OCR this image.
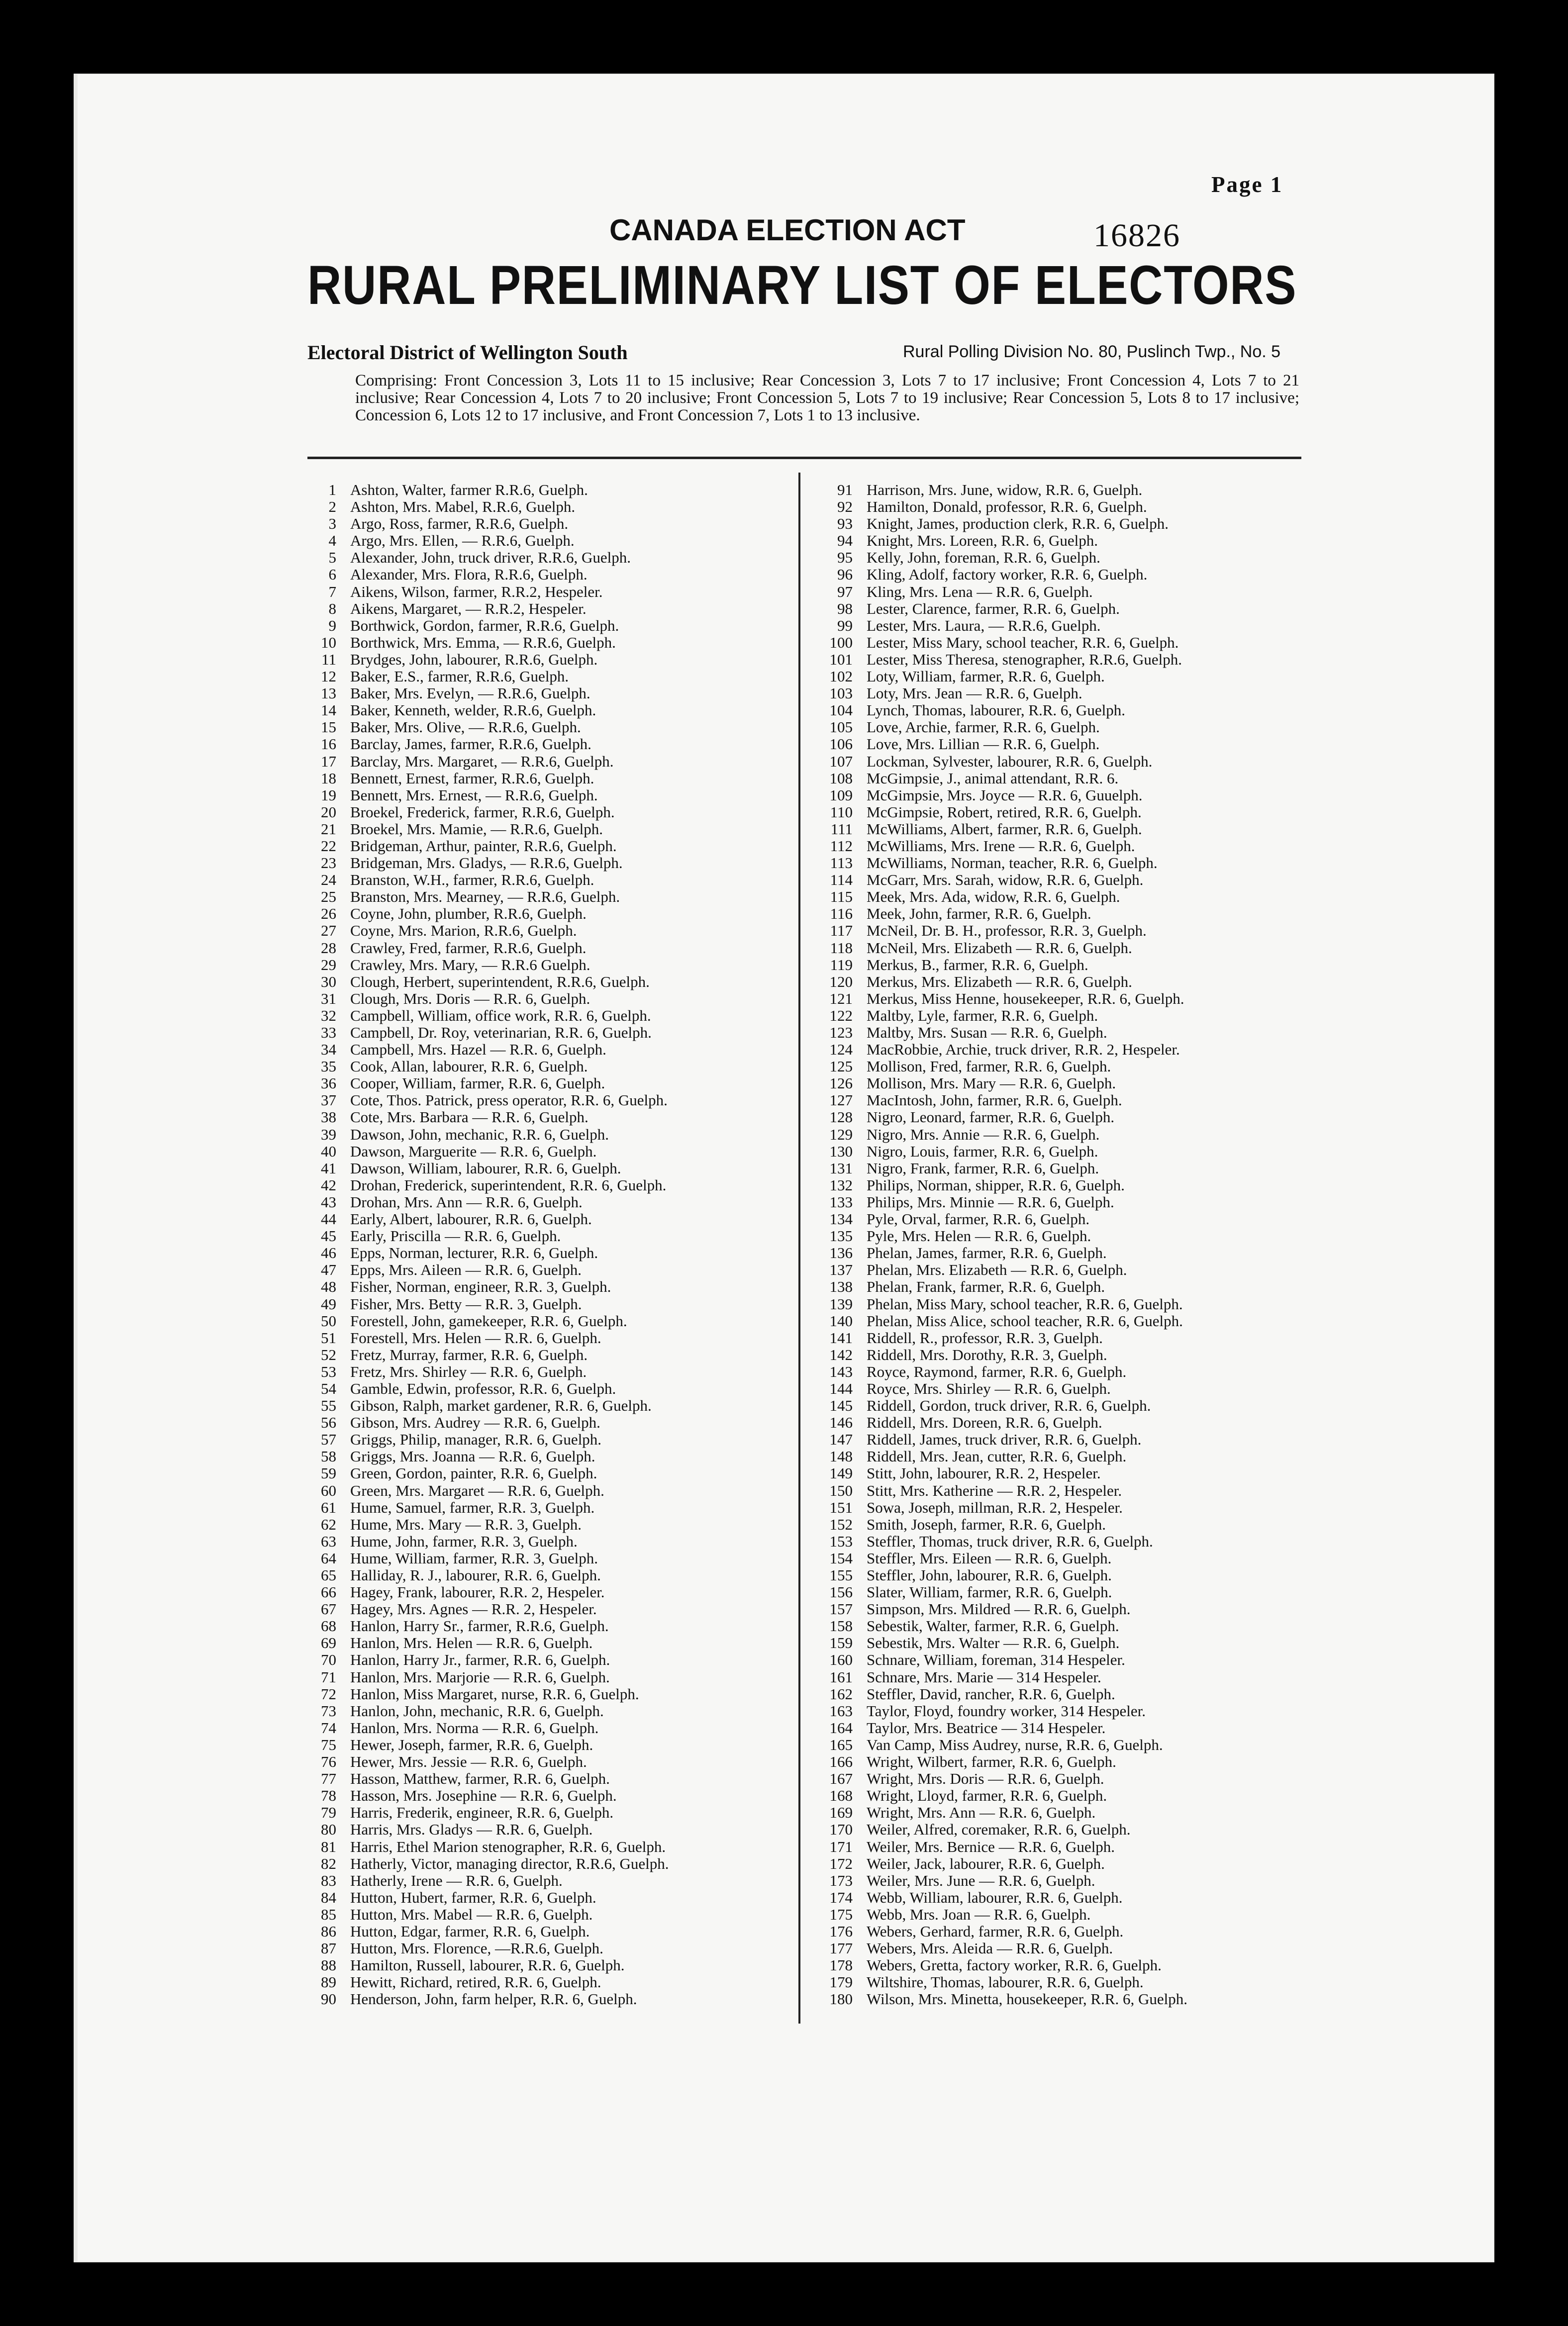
Page 1
CANADA ELECTION ACT	16826
RURAL PRELIMINARY LIST OF ELECTORS
Electoral District of Wellington South	Rural Polling Division No. 80, Puslinch Twp., No. 5
Comprising: Front Concession 3, Lots 11 to 15 inclusive; Rear Concession 3, Lots 7 to 17 inclusive; Front Concession 4, Lots 7 to 21 inclusive; Rear Concession 4, Lots 7 to 20 inclusive; Front Concession 5, Lots 7 to 19 inclusive; Rear Concession 5, Lots 8 to 17 inclusive; Concession 6, Lots 12 to 17 inclusive, and Front Concession 7, Lots 1 to 13 inclusive.
1 Ashton, Walter, farmer R.R.6, Guelph.
2 Ashton, Mrs. Mabel, R.R.6, Guelph.
3 Argo, Ross, farmer, R.R.6, Guelph.
4 Argo, Mrs. Ellen, — R.R.6, Guelph.
5 Alexander, John, truck driver, R.R.6, Guelph.
6 Alexander, Mrs. Flora, R.R.6, Guelph.
7 Aikens, Wilson, farmer, R.R.2, Hespeler.
8 Aikens, Margaret, — R.R.2, Hespeler.
9 Borthwick, Gordon, farmer, R.R.6, Guelph.
10 Borthwick, Mrs. Emma, — R.R.6, Guelph.
11 Brydges, John, labourer, R.R.6, Guelph.
12 Baker, E.S., farmer, R.R.6, Guelph.
13 Baker, Mrs. Evelyn, — R.R.6, Guelph.
14 Baker, Kenneth, welder, R.R.6, Guelph.
15 Baker, Mrs. Olive, — R.R.6, Guelph.
16 Barclay, James, farmer, R.R.6, Guelph.
17 Barclay, Mrs. Margaret, — R.R.6, Guelph.
18 Bennett, Ernest, farmer, R.R.6, Guelph.
19 Bennett, Mrs. Ernest, — R.R.6, Guelph.
20 Broekel, Frederick, farmer, R.R.6, Guelph.
21 Broekel, Mrs. Mamie, — R.R.6, Guelph.
22 Bridgeman, Arthur, painter, R.R.6, Guelph.
23 Bridgeman, Mrs. Gladys, — R.R.6, Guelph.
24 Branston, W.H., farmer, R.R.6, Guelph.
25 Branston, Mrs. Mearney, — R.R.6, Guelph.
26 Coyne, John, plumber, R.R.6, Guelph.
27 Coyne, Mrs. Marion, R.R.6, Guelph.
28 Crawley, Fred, farmer, R.R.6, Guelph.
29 Crawley, Mrs. Mary, — R.R.6 Guelph.
30 Clough, Herbert, superintendent, R.R.6, Guelph.
31 Clough, Mrs. Doris — R.R. 6, Guelph.
32 Campbell, William, office work, R.R. 6, Guelph.
33 Campbell, Dr. Roy, veterinarian, R.R. 6, Guelph.
34 Campbell, Mrs. Hazel — R.R. 6, Guelph.
35 Cook, Allan, labourer, R.R. 6, Guelph.
36 Cooper, William, farmer, R.R. 6, Guelph.
37 Cote, Thos. Patrick, press operator, R.R. 6, Guelph.
38 Cote, Mrs. Barbara — R.R. 6, Guelph.
39 Dawson, John, mechanic, R.R. 6, Guelph.
40 Dawson, Marguerite — R.R. 6, Guelph.
41 Dawson, William, labourer, R.R. 6, Guelph.
42 Drohan, Frederick, superintendent, R.R. 6, Guelph.
43 Drohan, Mrs. Ann — R.R. 6, Guelph.
44 Early, Albert, labourer, R.R. 6, Guelph.
45 Early, Priscilla — R.R. 6, Guelph.
46 Epps, Norman, lecturer, R.R. 6, Guelph.
47 Epps, Mrs. Aileen — R.R. 6, Guelph.
48 Fisher, Norman, engineer, R.R. 3, Guelph.
49 Fisher, Mrs. Betty — R.R. 3, Guelph.
50 Forestell, John, gamekeeper, R.R. 6, Guelph.
51 Forestell, Mrs. Helen — R.R. 6, Guelph.
52 Fretz, Murray, farmer, R.R. 6, Guelph.
53 Fretz, Mrs. Shirley — R.R. 6, Guelph.
54 Gamble, Edwin, professor, R.R. 6, Guelph.
55 Gibson, Ralph, market gardener, R.R. 6, Guelph.
56 Gibson, Mrs. Audrey — R.R. 6, Guelph.
57 Griggs, Philip, manager, R.R. 6, Guelph.
58 Griggs, Mrs. Joanna — R.R. 6, Guelph.
59 Green, Gordon, painter, R.R. 6, Guelph.
60 Green, Mrs. Margaret — R.R. 6, Guelph.
61 Hume, Samuel, farmer, R.R. 3, Guelph.
62 Hume, Mrs. Mary — R.R. 3, Guelph.
63 Hume, John, farmer, R.R. 3, Guelph.
64 Hume, William, farmer, R.R. 3, Guelph.
65 Halliday, R. J., labourer, R.R. 6, Guelph.
66 Hagey, Frank, labourer, R.R. 2, Hespeler.
67 Hagey, Mrs. Agnes — R.R. 2, Hespeler.
68 Hanlon, Harry Sr., farmer, R.R.6, Guelph.
69 Hanlon, Mrs. Helen — R.R. 6, Guelph.
70 Hanlon, Harry Jr., farmer, R.R. 6, Guelph.
71 Hanlon, Mrs. Marjorie — R.R. 6, Guelph.
72 Hanlon, Miss Margaret, nurse, R.R. 6, Guelph.
73 Hanlon, John, mechanic, R.R. 6, Guelph.
74 Hanlon, Mrs. Norma — R.R. 6, Guelph.
75 Hewer, Joseph, farmer, R.R. 6, Guelph.
76 Hewer, Mrs. Jessie — R.R. 6, Guelph.
77 Hasson, Matthew, farmer, R.R. 6, Guelph.
78 Hasson, Mrs. Josephine — R.R. 6, Guelph.
79 Harris, Frederik, engineer, R.R. 6, Guelph.
80 Harris, Mrs. Gladys — R.R. 6, Guelph.
81 Harris, Ethel Marion stenographer, R.R. 6, Guelph.
82 Hatherly, Victor, managing director, R.R.6, Guelph.
83 Hatherly, Irene — R.R. 6, Guelph.
84 Hutton, Hubert, farmer, R.R. 6, Guelph.
85 Hutton, Mrs. Mabel — R.R. 6, Guelph.
86 Hutton, Edgar, farmer, R.R. 6, Guelph.
87 Hutton, Mrs. Florence, —R.R.6, Guelph.
88 Hamilton, Russell, labourer, R.R. 6, Guelph.
89 Hewitt, Richard, retired, R.R. 6, Guelph.
90 Henderson, John, farm helper, R.R. 6, Guelph.
91 Harrison, Mrs. June, widow, R.R. 6, Guelph.
92 Hamilton, Donald, professor, R.R. 6, Guelph.
93 Knight, James, production clerk, R.R. 6, Guelph.
94 Knight, Mrs. Loreen, R.R. 6, Guelph.
95 Kelly, John, foreman, R.R. 6, Guelph.
96 Kling, Adolf, factory worker, R.R. 6, Guelph.
97 Kling, Mrs. Lena — R.R. 6, Guelph.
98 Lester, Clarence, farmer, R.R. 6, Guelph.
99 Lester, Mrs. Laura, — R.R.6, Guelph.
100 Lester, Miss Mary, school teacher, R.R. 6, Guelph.
101 Lester, Miss Theresa, stenographer, R.R.6, Guelph.
102 Loty, William, farmer, R.R. 6, Guelph.
103 Loty, Mrs. Jean — R.R. 6, Guelph.
104 Lynch, Thomas, labourer, R.R. 6, Guelph.
105 Love, Archie, farmer, R.R. 6, Guelph.
106 Love, Mrs. Lillian — R.R. 6, Guelph.
107 Lockman, Sylvester, labourer, R.R. 6, Guelph.
108 McGimpsie, J., animal attendant, R.R. 6.
109 McGimpsie, Mrs. Joyce — R.R. 6, Guuelph.
110 McGimpsie, Robert, retired, R.R. 6, Guelph.
111 McWilliams, Albert, farmer, R.R. 6, Guelph.
112 McWilliams, Mrs. Irene — R.R. 6, Guelph.
113 McWilliams, Norman, teacher, R.R. 6, Guelph.
114 McGarr, Mrs. Sarah, widow, R.R. 6, Guelph.
115 Meek, Mrs. Ada, widow, R.R. 6, Guelph.
116 Meek, John, farmer, R.R. 6, Guelph.
117 McNeil, Dr. B. H., professor, R.R. 3, Guelph.
118 McNeil, Mrs. Elizabeth — R.R. 6, Guelph.
119 Merkus, B., farmer, R.R. 6, Guelph.
120 Merkus, Mrs. Elizabeth — R.R. 6, Guelph.
121 Merkus, Miss Henne, housekeeper, R.R. 6, Guelph.
122 Maltby, Lyle, farmer, R.R. 6, Guelph.
123 Maltby, Mrs. Susan — R.R. 6, Guelph.
124 MacRobbie, Archie, truck driver, R.R. 2, Hespeler.
125 Mollison, Fred, farmer, R.R. 6, Guelph.
126 Mollison, Mrs. Mary — R.R. 6, Guelph.
127 MacIntosh, John, farmer, R.R. 6, Guelph.
128 Nigro, Leonard, farmer, R.R. 6, Guelph.
129 Nigro, Mrs. Annie — R.R. 6, Guelph.
130 Nigro, Louis, farmer, R.R. 6, Guelph.
131 Nigro, Frank, farmer, R.R. 6, Guelph.
132 Philips, Norman, shipper, R.R. 6, Guelph.
133 Philips, Mrs. Minnie — R.R. 6, Guelph.
134 Pyle, Orval, farmer, R.R. 6, Guelph.
135 Pyle, Mrs. Helen — R.R. 6, Guelph.
136 Phelan, James, farmer, R.R. 6, Guelph.
137 Phelan, Mrs. Elizabeth — R.R. 6, Guelph.
138 Phelan, Frank, farmer, R.R. 6, Guelph.
139 Phelan, Miss Mary, school teacher, R.R. 6, Guelph.
140 Phelan, Miss Alice, school teacher, R.R. 6, Guelph.
141 Riddell, R., professor, R.R. 3, Guelph.
142 Riddell, Mrs. Dorothy, R.R. 3, Guelph.
143 Royce, Raymond, farmer, R.R. 6, Guelph.
144 Royce, Mrs. Shirley — R.R. 6, Guelph.
145 Riddell, Gordon, truck driver, R.R. 6, Guelph.
146 Riddell, Mrs. Doreen, R.R. 6, Guelph.
147 Riddell, James, truck driver, R.R. 6, Guelph.
148 Riddell, Mrs. Jean, cutter, R.R. 6, Guelph.
149 Stitt, John, labourer, R.R. 2, Hespeler.
150 Stitt, Mrs. Katherine — R.R. 2, Hespeler.
151 Sowa, Joseph, millman, R.R. 2, Hespeler.
152 Smith, Joseph, farmer, R.R. 6, Guelph.
153 Steffler, Thomas, truck driver, R.R. 6, Guelph.
154 Steffler, Mrs. Eileen — R.R. 6, Guelph.
155 Steffler, John, labourer, R.R. 6, Guelph.
156 Slater, William, farmer, R.R. 6, Guelph.
157 Simpson, Mrs. Mildred — R.R. 6, Guelph.
158 Sebestik, Walter, farmer, R.R. 6, Guelph.
159 Sebestik, Mrs. Walter — R.R. 6, Guelph.
160 Schnare, William, foreman, 314 Hespeler.
161 Schnare, Mrs. Marie — 314 Hespeler.
162 Steffler, David, rancher, R.R. 6, Guelph.
163 Taylor, Floyd, foundry worker, 314 Hespeler.
164 Taylor, Mrs. Beatrice — 314 Hespeler.
165 Van Camp, Miss Audrey, nurse, R.R. 6, Guelph.
166 Wright, Wilbert, farmer, R.R. 6, Guelph.
167 Wright, Mrs. Doris — R.R. 6, Guelph.
168 Wright, Lloyd, farmer, R.R. 6, Guelph.
169 Wright, Mrs. Ann — R.R. 6, Guelph.
170 Weiler, Alfred, coremaker, R.R. 6, Guelph.
171 Weiler, Mrs. Bernice — R.R. 6, Guelph.
172 Weiler, Jack, labourer, R.R. 6, Guelph.
173 Weiler, Mrs. June — R.R. 6, Guelph.
174 Webb, William, labourer, R.R. 6, Guelph.
175 Webb, Mrs. Joan — R.R. 6, Guelph.
176 Webers, Gerhard, farmer, R.R. 6, Guelph.
177 Webers, Mrs. Aleida — R.R. 6, Guelph.
178 Webers, Gretta, factory worker, R.R. 6, Guelph.
179 Wiltshire, Thomas, labourer, R.R. 6, Guelph.
180 Wilson, Mrs. Minetta, housekeeper, R.R. 6, Guelph.
